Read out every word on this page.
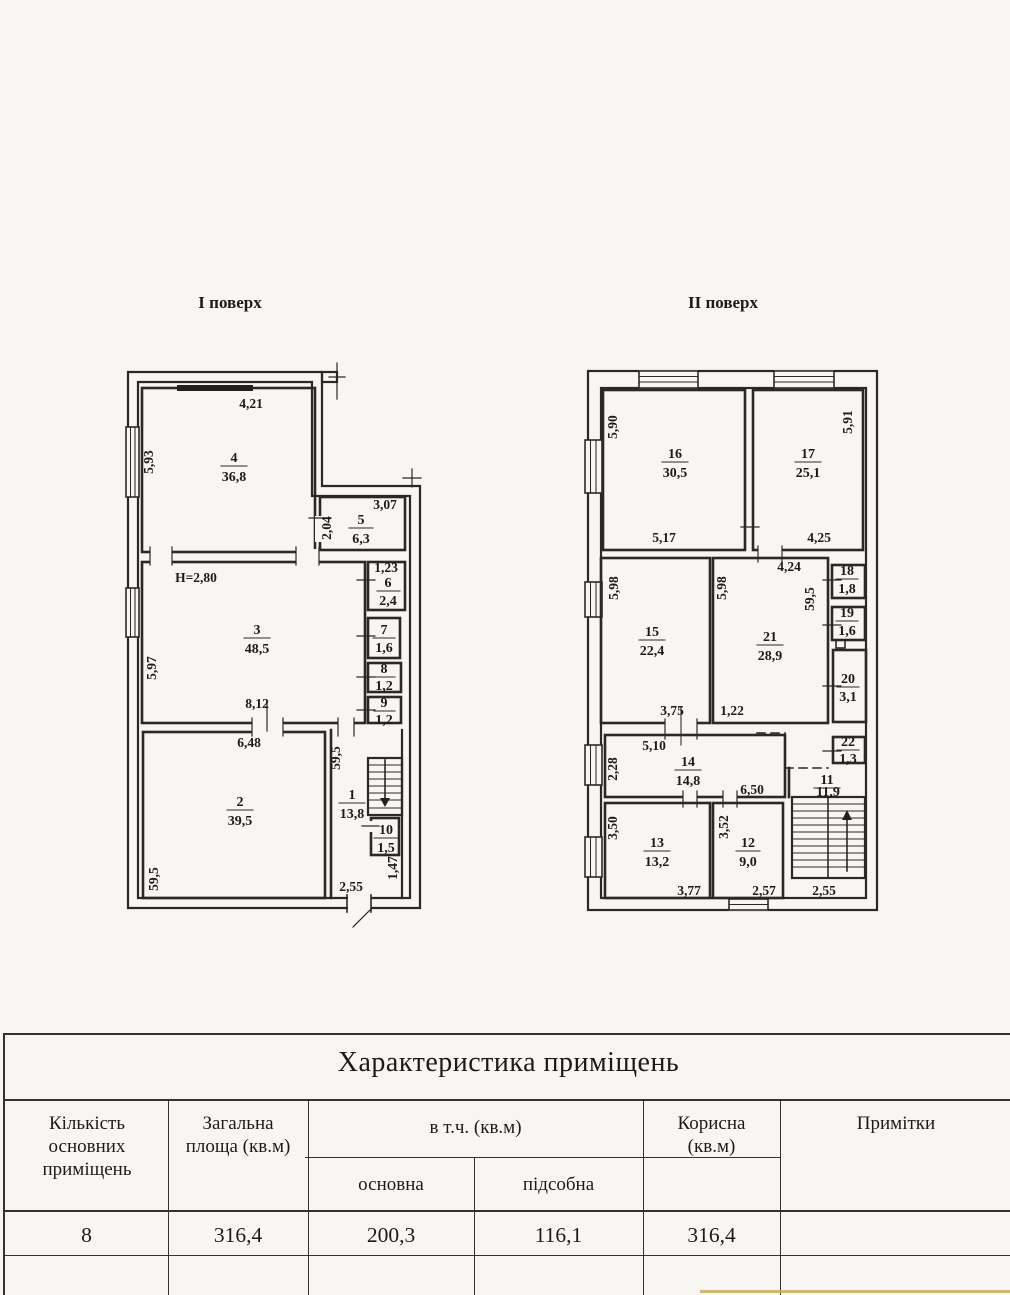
І поверх
4,21
5,93	4
36,8
3,07
2,04 5
6,3
H=2,80
3
48,5
5,97
8,12
1,23
6
2,4
7
1,6
8
1,2
9
1,2
6,48
2
39,5
59,5
59,5
1
13,8
10
1,5
1,47
2,55
ІІ поверх
5,90
16
30,5
5,17
17
25,1
5,91
4,25
4,24
5,98	5,98	59,5
15
22,4
21
28,9
18
1,8
19
1,6
20
3,1
22
1,3
3,75	1,22
5,10
2,28	14
14,8
6,50
11
11,9
3,50
13
13,2
3,77
3,52
12
9,0
2,57	2,55
Характеристика приміщень
Кількість основних приміщень
Загальна площа (кв.м)
в т.ч. (кв.м)
основна	підсобна
Корисна (кв.м)
Примітки
8	316,4	200,3	116,1	316,4
